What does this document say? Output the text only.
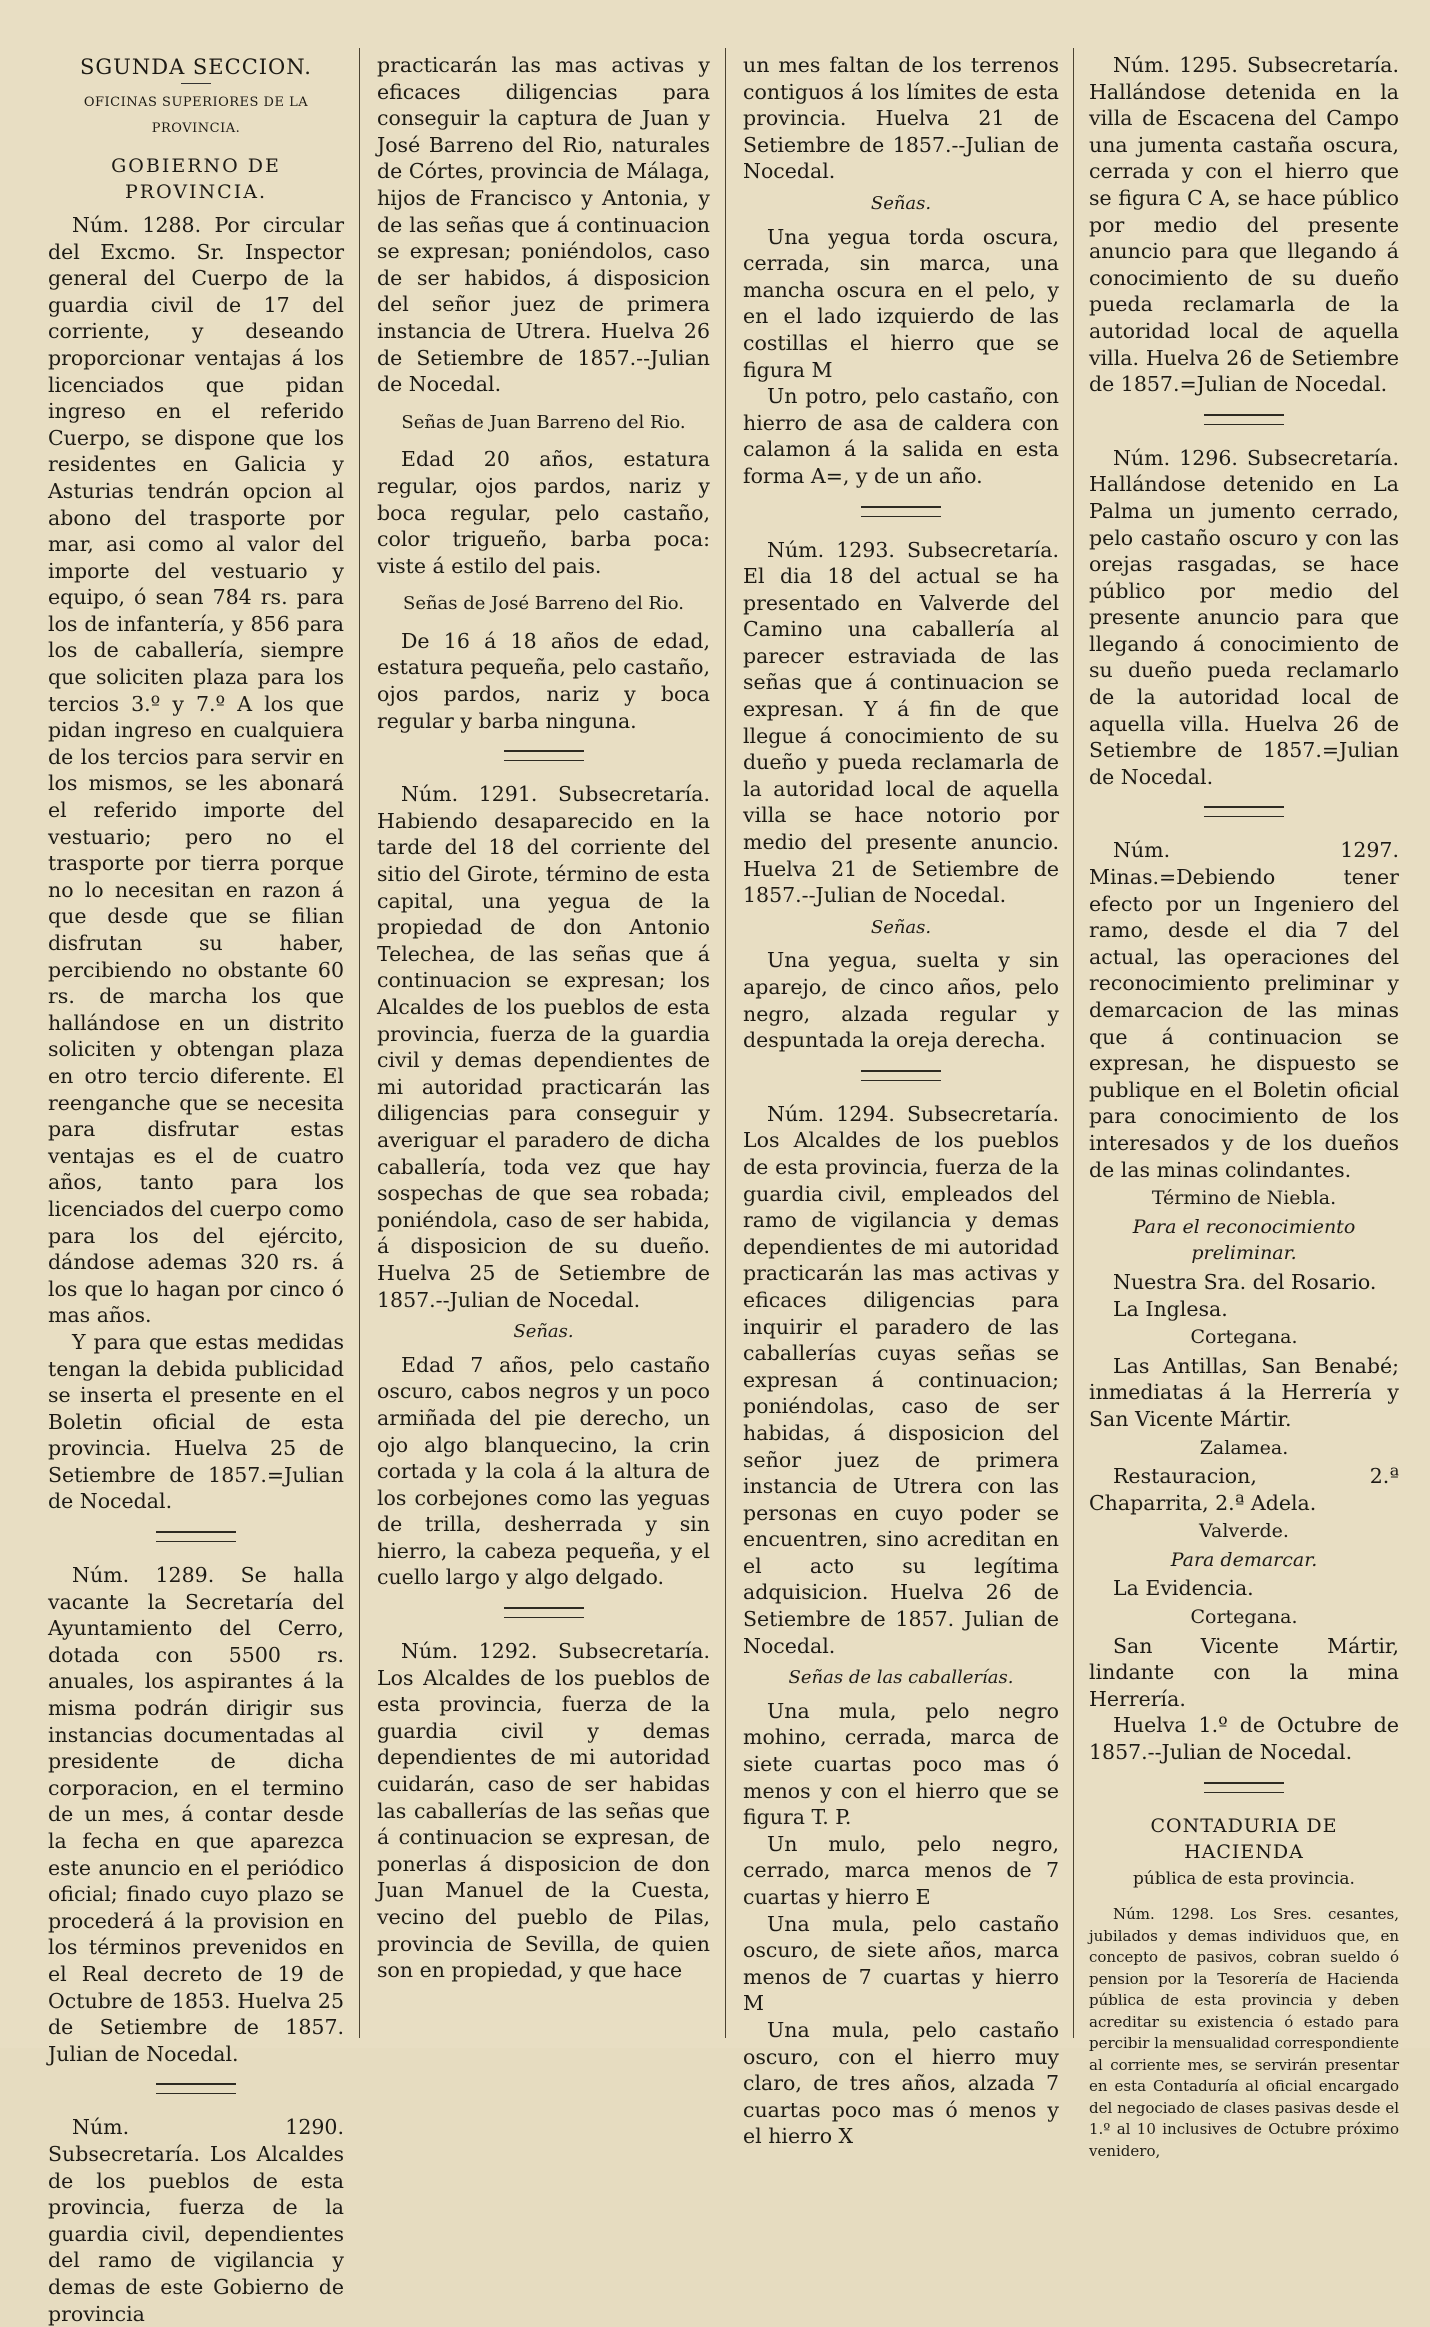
SGUNDA SECCION.
OFICINAS SUPERIORES DE LA PROVINCIA.
GOBIERNO DE PROVINCIA.

Núm. 1288. Por circular del Excmo. Sr. Inspector general del Cuerpo de la guardia civil de 17 del corriente, y deseando proporcionar ventajas á los licenciados que pidan ingreso en el referido Cuerpo, se dispone que los residentes en Galicia y Asturias tendrán opcion al abono del trasporte por mar, asi como al valor del importe del vestuario y equipo, ó sean 784 rs. para los de infantería, y 856 para los de caballería, siempre que soliciten plaza para los tercios 3.º y 7.º A los que pidan ingreso en cualquiera de los tercios para servir en los mismos, se les abonará el referido importe del vestuario; pero no el trasporte por tierra porque no lo necesitan en razon á que desde que se filian disfrutan su haber, percibiendo no obstante 60 rs. de marcha los que hallándose en un distrito soliciten y obtengan plaza en otro tercio diferente. El reenganche que se necesita para disfrutar estas ventajas es el de cuatro años, tanto para los licenciados del cuerpo como para los del ejército, dándose ademas 320 rs. á los que lo hagan por cinco ó mas años.

Y para que estas medidas tengan la debida publicidad se inserta el presente en el Boletin oficial de esta provincia. Huelva 25 de Setiembre de 1857.=Julian de Nocedal.

Núm. 1289. Se halla vacante la Secretaría del Ayuntamiento del Cerro, dotada con 5500 rs. anuales, los aspirantes á la misma podrán dirigir sus instancias documentadas al presidente de dicha corporacion, en el termino de un mes, á contar desde la fecha en que aparezca este anuncio en el periódico oficial; finado cuyo plazo se procederá á la provision en los términos prevenidos en el Real decreto de 19 de Octubre de 1853. Huelva 25 de Setiembre de 1857. Julian de Nocedal.

Núm. 1290. Subsecretaría. Los Alcaldes de los pueblos de esta provincia, fuerza de la guardia civil, dependientes del ramo de vigilancia y demas de este Gobierno de provincia

practicarán las mas activas y eficaces diligencias para conseguir la captura de Juan y José Barreno del Rio, naturales de Córtes, provincia de Málaga, hijos de Francisco y Antonia, y de las señas que á continuacion se expresan; poniéndolos, caso de ser habidos, á disposicion del señor juez de primera instancia de Utrera. Huelva 26 de Setiembre de 1857.--Julian de Nocedal.

Señas de Juan Barreno del Rio.

Edad 20 años, estatura regular, ojos pardos, nariz y boca regular, pelo castaño, color trigueño, barba poca: viste á estilo del pais.

Señas de José Barreno del Rio.

De 16 á 18 años de edad, estatura pequeña, pelo castaño, ojos pardos, nariz y boca regular y barba ninguna.

Núm. 1291. Subsecretaría. Habiendo desaparecido en la tarde del 18 del corriente del sitio del Girote, término de esta capital, una yegua de la propiedad de don Antonio Telechea, de las señas que á continuacion se expresan; los Alcaldes de los pueblos de esta provincia, fuerza de la guardia civil y demas dependientes de mi autoridad practicarán las diligencias para conseguir y averiguar el paradero de dicha caballería, toda vez que hay sospechas de que sea robada; poniéndola, caso de ser habida, á disposicion de su dueño. Huelva 25 de Setiembre de 1857.--Julian de Nocedal.

Señas.

Edad 7 años, pelo castaño oscuro, cabos negros y un poco armiñada del pie derecho, un ojo algo blanquecino, la crin cortada y la cola á la altura de los corbejones como las yeguas de trilla, desherrada y sin hierro, la cabeza pequeña, y el cuello largo y algo delgado.

Núm. 1292. Subsecretaría. Los Alcaldes de los pueblos de esta provincia, fuerza de la guardia civil y demas dependientes de mi autoridad cuidarán, caso de ser habidas las caballerías de las señas que á continuacion se expresan, de ponerlas á disposicion de don Juan Manuel de la Cuesta, vecino del pueblo de Pilas, provincia de Sevilla, de quien son en propiedad, y que hace

un mes faltan de los terrenos contiguos á los límites de esta provincia. Huelva 21 de Setiembre de 1857.--Julian de Nocedal.

Señas.

Una yegua torda oscura, cerrada, sin marca, una mancha oscura en el pelo, y en el lado izquierdo de las costillas el hierro que se figura M

Un potro, pelo castaño, con hierro de asa de caldera con calamon á la salida en esta forma A=, y de un año.

Núm. 1293. Subsecretaría. El dia 18 del actual se ha presentado en Valverde del Camino una caballería al parecer estraviada de las señas que á continuacion se expresan. Y á fin de que llegue á conocimiento de su dueño y pueda reclamarla de la autoridad local de aquella villa se hace notorio por medio del presente anuncio. Huelva 21 de Setiembre de 1857.--Julian de Nocedal.

Señas.

Una yegua, suelta y sin aparejo, de cinco años, pelo negro, alzada regular y despuntada la oreja derecha.

Núm. 1294. Subsecretaría. Los Alcaldes de los pueblos de esta provincia, fuerza de la guardia civil, empleados del ramo de vigilancia y demas dependientes de mi autoridad practicarán las mas activas y eficaces diligencias para inquirir el paradero de las caballerías cuyas señas se expresan á continuacion; poniéndolas, caso de ser habidas, á disposicion del señor juez de primera instancia de Utrera con las personas en cuyo poder se encuentren, sino acreditan en el acto su legítima adquisicion. Huelva 26 de Setiembre de 1857. Julian de Nocedal.

Señas de las caballerías.

Una mula, pelo negro mohino, cerrada, marca de siete cuartas poco mas ó menos y con el hierro que se figura T. P.

Un mulo, pelo negro, cerrado, marca menos de 7 cuartas y hierro E

Una mula, pelo castaño oscuro, de siete años, marca menos de 7 cuartas y hierro M

Una mula, pelo castaño oscuro, con el hierro muy claro, de tres años, alzada 7 cuartas poco mas ó menos y el hierro X

Núm. 1295. Subsecretaría. Hallándose detenida en la villa de Escacena del Campo una jumenta castaña oscura, cerrada y con el hierro que se figura C A, se hace público por medio del presente anuncio para que llegando á conocimiento de su dueño pueda reclamarla de la autoridad local de aquella villa. Huelva 26 de Setiembre de 1857.=Julian de Nocedal.

Núm. 1296. Subsecretaría. Hallándose detenido en La Palma un jumento cerrado, pelo castaño oscuro y con las orejas rasgadas, se hace público por medio del presente anuncio para que llegando á conocimiento de su dueño pueda reclamarlo de la autoridad local de aquella villa. Huelva 26 de Setiembre de 1857.=Julian de Nocedal.

Núm. 1297. Minas.=Debiendo tener efecto por un Ingeniero del ramo, desde el dia 7 del actual, las operaciones del reconocimiento preliminar y demarcacion de las minas que á continuacion se expresan, he dispuesto se publique en el Boletin oficial para conocimiento de los interesados y de los dueños de las minas colindantes.

Término de Niebla.
Para el reconocimiento preliminar.

Nuestra Sra. del Rosario.

La Inglesa.

Cortegana.

Las Antillas, San Benabé; inmediatas á la Herrería y San Vicente Mártir.

Zalamea.

Restauracion, 2.ª Chaparrita, 2.ª Adela.

Valverde.
Para demarcar.

La Evidencia.

Cortegana.

San Vicente Mártir, lindante con la mina Herrería.

Huelva 1.º de Octubre de 1857.--Julian de Nocedal.

CONTADURIA DE HACIENDA
pública de esta provincia.

Núm. 1298. Los Sres. cesantes, jubilados y demas individuos que, en concepto de pasivos, cobran sueldo ó pension por la Tesorería de Hacienda pública de esta provincia y deben acreditar su existencia ó estado para percibir la mensualidad correspondiente al corriente mes, se servirán presentar en esta Contaduría al oficial encargado del negociado de clases pasivas desde el 1.º al 10 inclusives de Octubre próximo venidero,
